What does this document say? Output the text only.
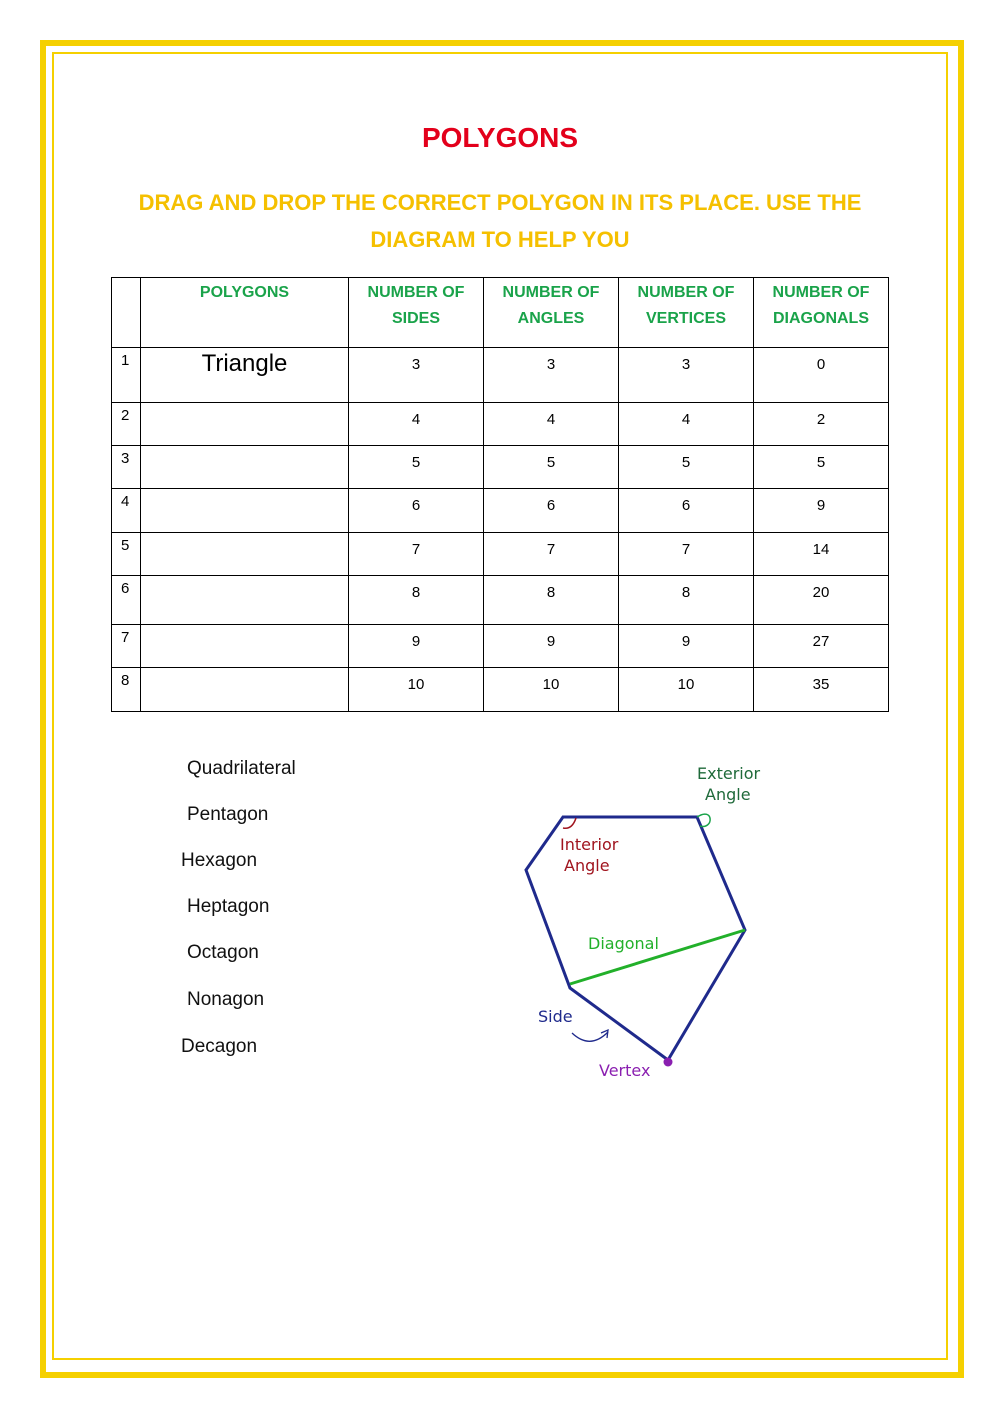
POLYGONS
DRAG AND DROP THE CORRECT POLYGON IN ITS PLACE. USE THE DIAGRAM TO HELP YOU
	POLYGONS	NUMBER OF SIDES	NUMBER OF ANGLES	NUMBER OF VERTICES	NUMBER OF DIAGONALS

1	Triangle	3	3	3	0
2		4	4	4	2
3		5	5	5	5
4		6	6	6	9
5		7	7	7	14
6		8	8	8	20
7		9	9	9	27
8		10	10	10	35
Quadrilateral
Pentagon
Hexagon
Heptagon
Octagon
Nonagon
Decagon
Exterior
Angle
Interior
Angle
Diagonal
Side
Vertex
